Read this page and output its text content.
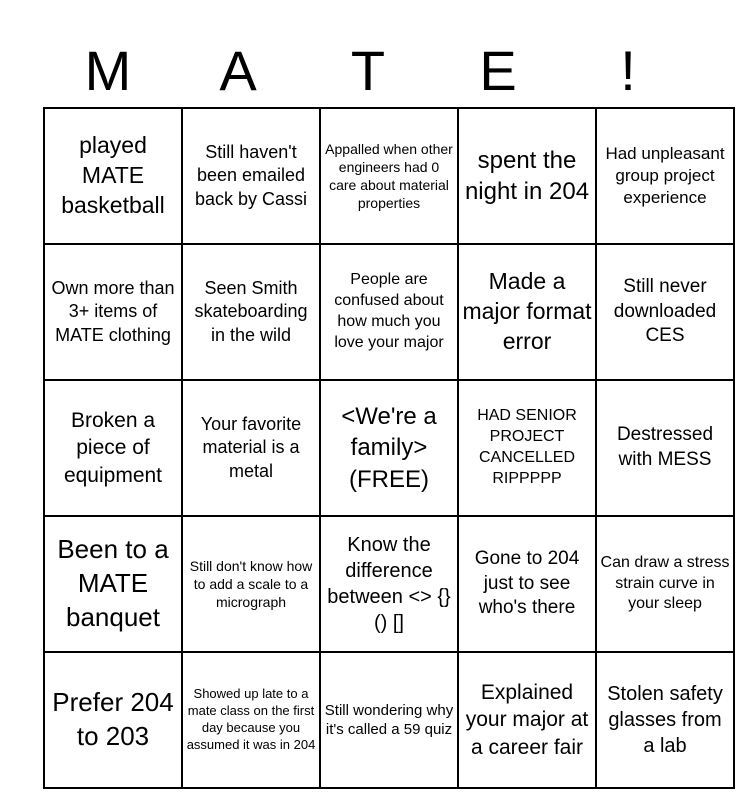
M	A	T	E	!
played MATE basketball	Still haven't been emailed back by Cassi	Appalled when other engineers had 0 care about material properties	spent the night in 204	Had unpleasant group project experience
Own more than 3+ items of MATE clothing	Seen Smith skateboarding in the wild	People are confused about how much you love your major	Made a major format error	Still never downloaded CES
Broken a piece of equipment	Your favorite material is a metal	<We're a family> (FREE)	HAD SENIOR PROJECT CANCELLED RIPPPPP	Destressed with MESS
Been to a MATE banquet	Still don't know how to add a scale to a micrograph	Know the difference between <> {} () []	Gone to 204 just to see who's there	Can draw a stress strain curve in your sleep
Prefer 204 to 203	Showed up late to a mate class on the first day because you assumed it was in 204	Still wondering why it's called a 59 quiz	Explained your major at a career fair	Stolen safety glasses from a lab
